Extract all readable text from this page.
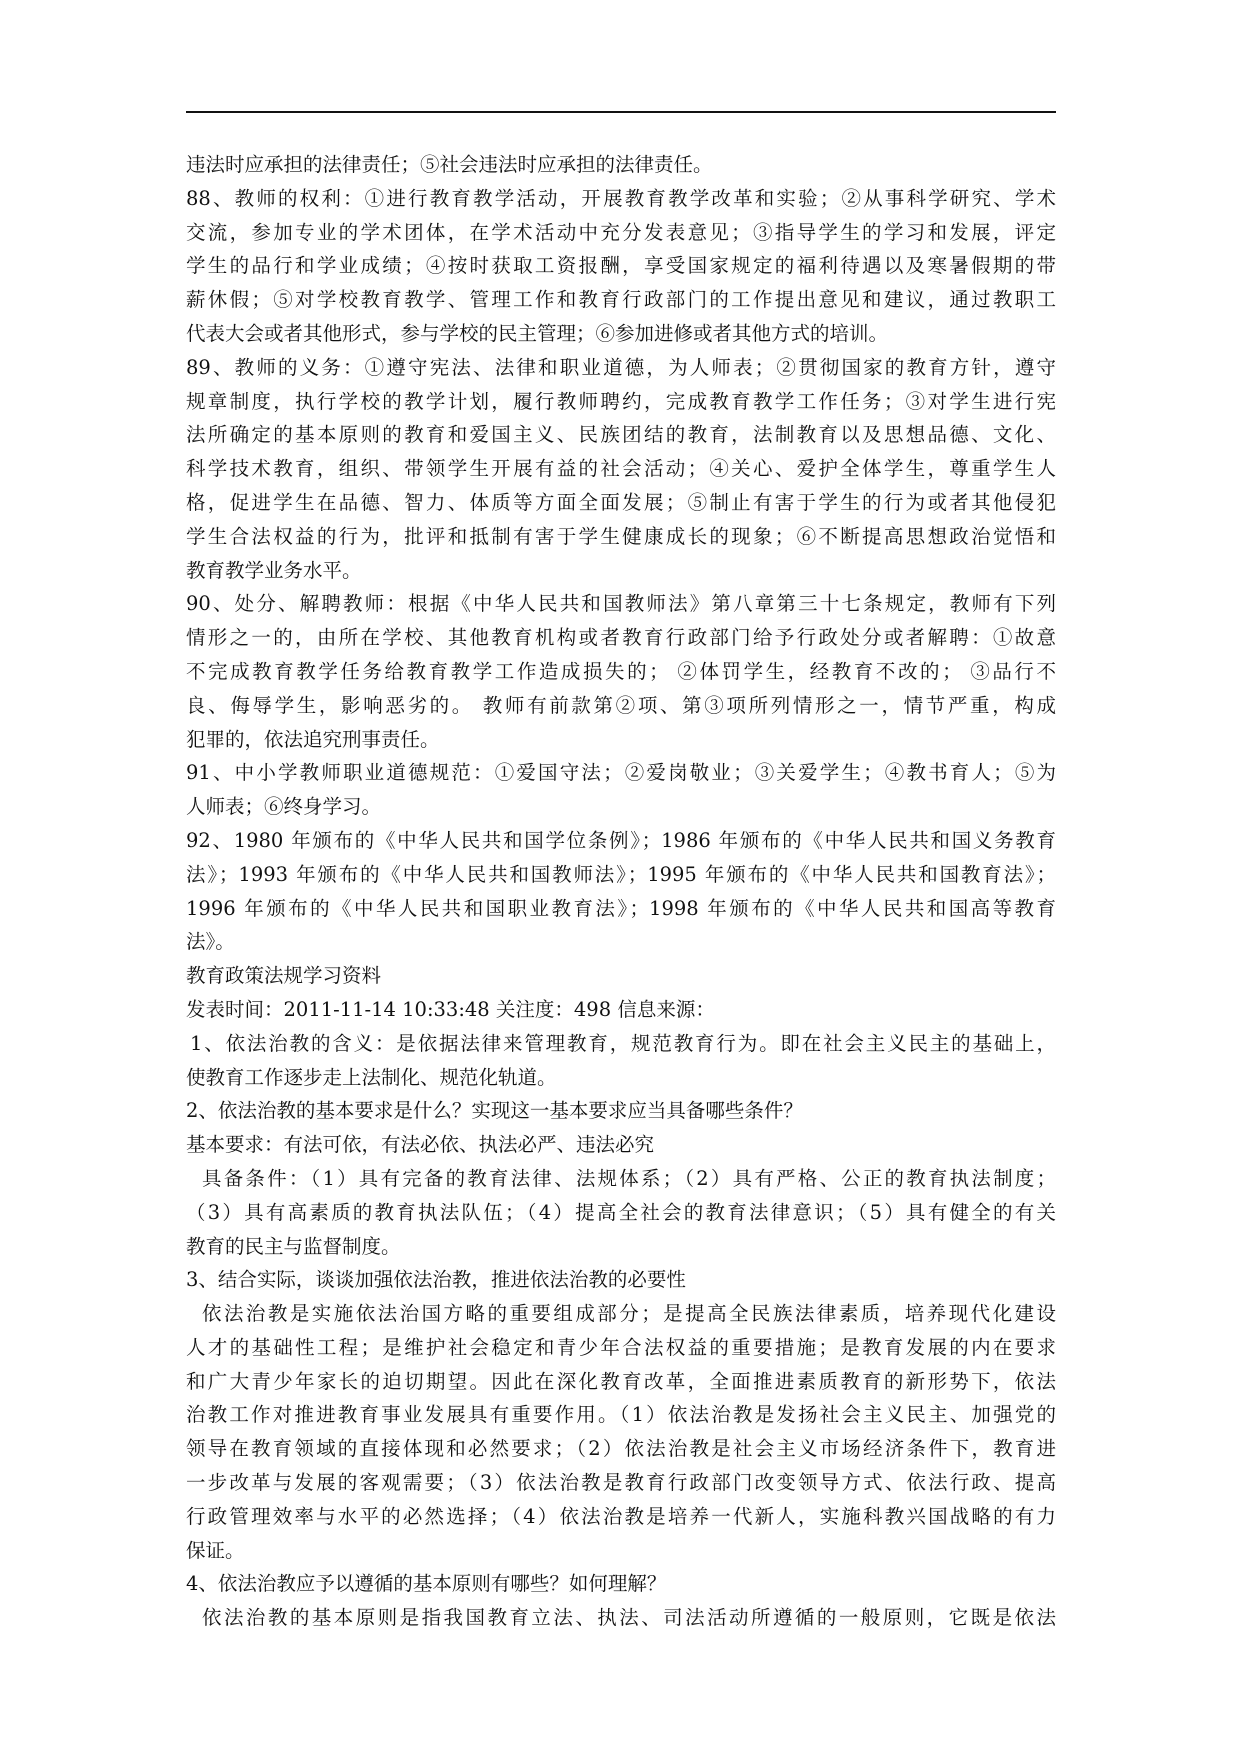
违法时应承担的法律责任；⑤社会违法时应承担的法律责任。
88、教师的权利：①进行教育教学活动，开展教育教学改革和实验；②从事科学研究、学术
交流，参加专业的学术团体，在学术活动中充分发表意见；③指导学生的学习和发展，评定
学生的品行和学业成绩；④按时获取工资报酬，享受国家规定的福利待遇以及寒暑假期的带
薪休假；⑤对学校教育教学、管理工作和教育行政部门的工作提出意见和建议，通过教职工
代表大会或者其他形式，参与学校的民主管理；⑥参加进修或者其他方式的培训。
89、教师的义务：①遵守宪法、法律和职业道德，为人师表；②贯彻国家的教育方针，遵守
规章制度，执行学校的教学计划，履行教师聘约，完成教育教学工作任务；③对学生进行宪
法所确定的基本原则的教育和爱国主义、民族团结的教育，法制教育以及思想品德、文化、
科学技术教育，组织、带领学生开展有益的社会活动；④关心、爱护全体学生，尊重学生人
格，促进学生在品德、智力、体质等方面全面发展；⑤制止有害于学生的行为或者其他侵犯
学生合法权益的行为，批评和抵制有害于学生健康成长的现象；⑥不断提高思想政治觉悟和
教育教学业务水平。
90、处分、解聘教师：根据《中华人民共和国教师法》第八章第三十七条规定，教师有下列
情形之一的，由所在学校、其他教育机构或者教育行政部门给予行政处分或者解聘：①故意
不完成教育教学任务给教育教学工作造成损失的； ②体罚学生，经教育不改的； ③品行不
良、侮辱学生，影响恶劣的。 教师有前款第②项、第③项所列情形之一，情节严重，构成
犯罪的，依法追究刑事责任。
91、中小学教师职业道德规范：①爱国守法；②爱岗敬业；③关爱学生；④教书育人；⑤为
人师表；⑥终身学习。
92、1980 年颁布的《中华人民共和国学位条例》；1986 年颁布的《中华人民共和国义务教育
法》；1993 年颁布的《中华人民共和国教师法》；1995 年颁布的《中华人民共和国教育法》；
1996 年颁布的《中华人民共和国职业教育法》；1998 年颁布的《中华人民共和国高等教育
法》。
教育政策法规学习资料
发表时间：2011-11-14 10:33:48 关注度：498 信息来源：
1、依法治教的含义：是依据法律来管理教育，规范教育行为。即在社会主义民主的基础上，
使教育工作逐步走上法制化、规范化轨道。
2、依法治教的基本要求是什么？实现这一基本要求应当具备哪些条件？
基本要求：有法可依，有法必依、执法必严、违法必究
具备条件：（1）具有完备的教育法律、法规体系；（2）具有严格、公正的教育执法制度；
（3）具有高素质的教育执法队伍；（4）提高全社会的教育法律意识；（5）具有健全的有关
教育的民主与监督制度。
3、结合实际，谈谈加强依法治教，推进依法治教的必要性
依法治教是实施依法治国方略的重要组成部分；是提高全民族法律素质，培养现代化建设
人才的基础性工程；是维护社会稳定和青少年合法权益的重要措施；是教育发展的内在要求
和广大青少年家长的迫切期望。因此在深化教育改革，全面推进素质教育的新形势下，依法
治教工作对推进教育事业发展具有重要作用。（1）依法治教是发扬社会主义民主、加强党的
领导在教育领域的直接体现和必然要求；（2）依法治教是社会主义市场经济条件下，教育进
一步改革与发展的客观需要；（3）依法治教是教育行政部门改变领导方式、依法行政、提高
行政管理效率与水平的必然选择；（4）依法治教是培养一代新人，实施科教兴国战略的有力
保证。
4、依法治教应予以遵循的基本原则有哪些？如何理解？
依法治教的基本原则是指我国教育立法、执法、司法活动所遵循的一般原则，它既是依法
